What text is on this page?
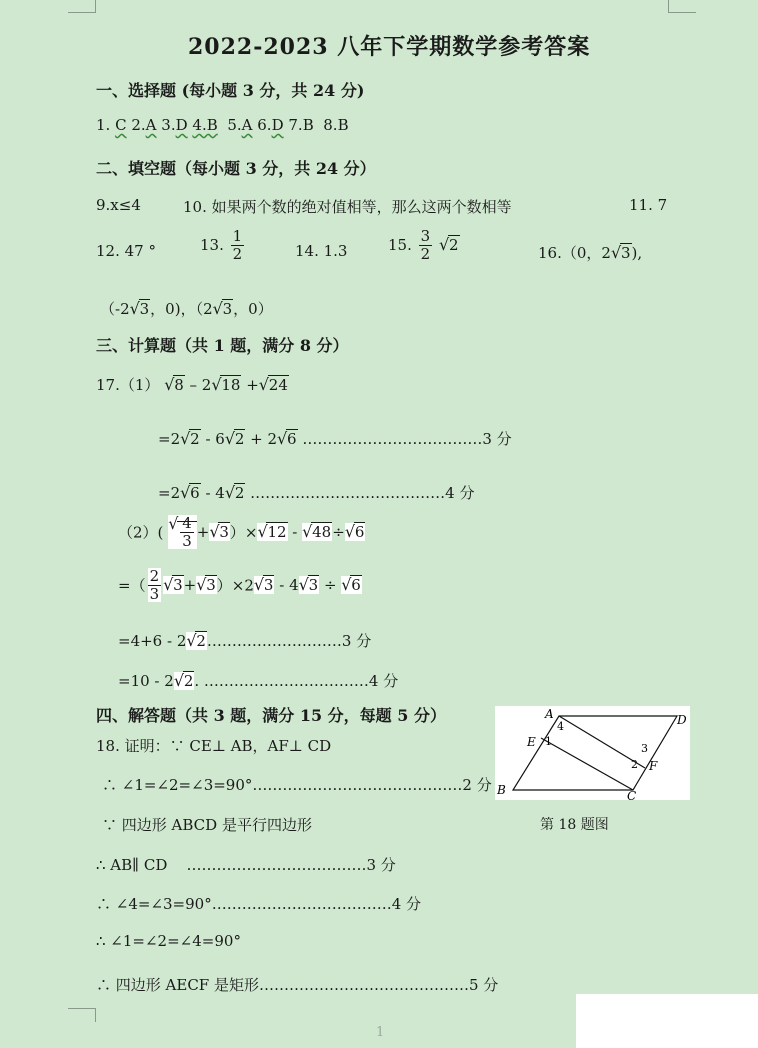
2022-2023 八年下学期数学参考答案
一、选择题 (每小题 3 分，共 24 分)
1. C 2.A 3.D 4.B 5.A 6.D 7.B 8.B
二、填空题（每小题 3 分，共 24 分）
9.x≤4	10. 如果两个数的绝对值相等，那么这两个数相等	11. 7
12. 47 °	13. $\frac{1}{2}$	14. 1.3	15. $\frac{3}{2}$ √ 2	16.（0，2 √ 3),
（-2 √ 3，0)，（2 √ 3，0）
三、计算题（共 1 题，满分 8 分）
17.（1） √ 8 – 2 √ 18 + √ 24
=2 √ 2 - 6 √ 2 + 2 √ 6 ………………………………3 分
=2 √ 6 - 4 √ 2 …………………………………4 分
（2）( √ $\frac{4}{3}$ + √ 3）× √ 12 - √ 48÷ √ 6
=（ $\frac{2}{3}$ √ 3+ √ 3）×2 √ 3 - 4 √ 3 ÷ √ 6
=4+6 - 2 √ 2………………………3 分
=10 - 2 √ 2. ……………………………4 分
四、解答题（共 3 题，满分 15 分，每题 5 分）
18. 证明：∵ CE⊥ AB，AF⊥ CD
∴ ∠1=∠2=∠3=90°……………………………………2 分
∵ 四边形 ABCD 是平行四边形
∴ AB∥ CD ………………………………3 分
∴ ∠4=∠3=90°………………………………4 分
∴ ∠1=∠2=∠4=90°
∴ 四边形 AECF 是矩形……………………………………5 分
A	D
E
B	C
F
1
2
3
4
第 18 题图
1
